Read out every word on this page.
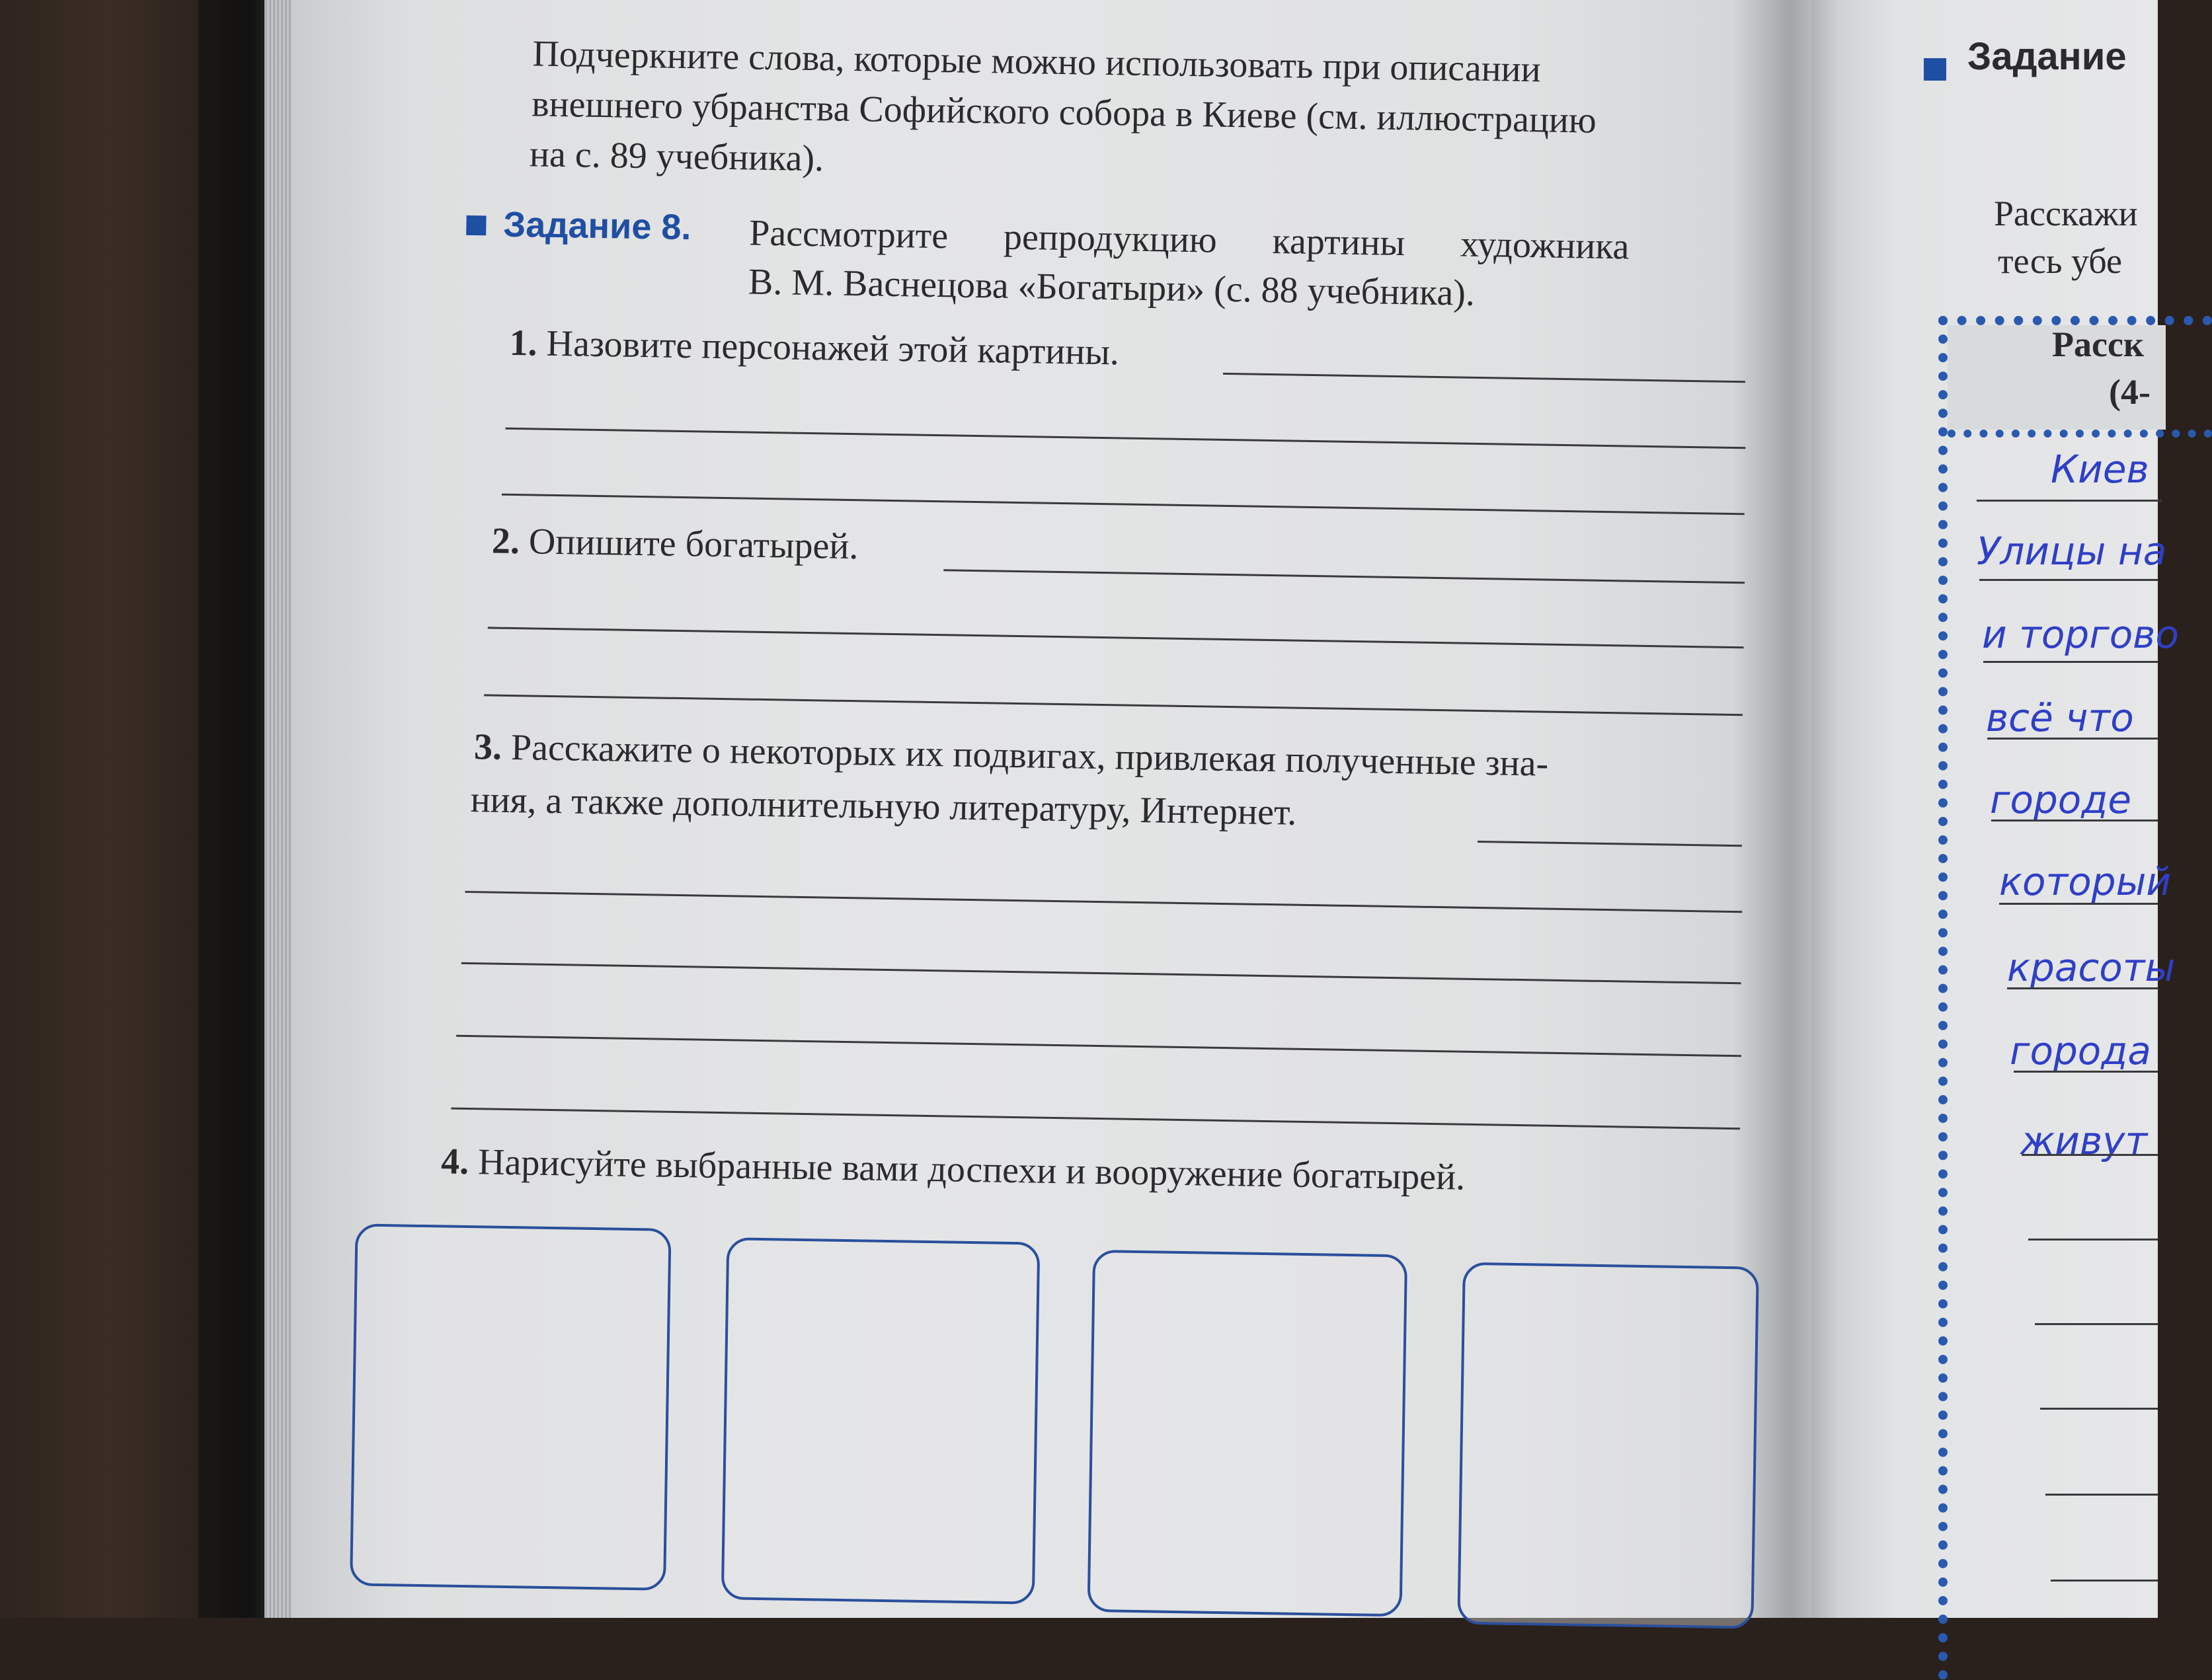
Подчеркните слова, которые можно использовать при описании
внешнего убранства Софийского собора в Киеве (см. иллюстрацию
на с. 89 учебника).
Задание 8. Рассмотрите репродукцию картины художника
В. М. Васнецова «Богатыри» (с. 88 учебника).
1. Назовите персонажей этой картины.
2. Опишите богатырей.
3. Расскажите о некоторых их подвигах, привлекая полученные зна-
ния, а также дополнительную литературу, Интернет.
4. Нарисуйте выбранные вами доспехи и вооружение богатырей.
Задание
Расскажи
тесь убе
Расск
(4-
Киев
Улицы на
и торгово
всё что
городе
который
красоты
города
живут
